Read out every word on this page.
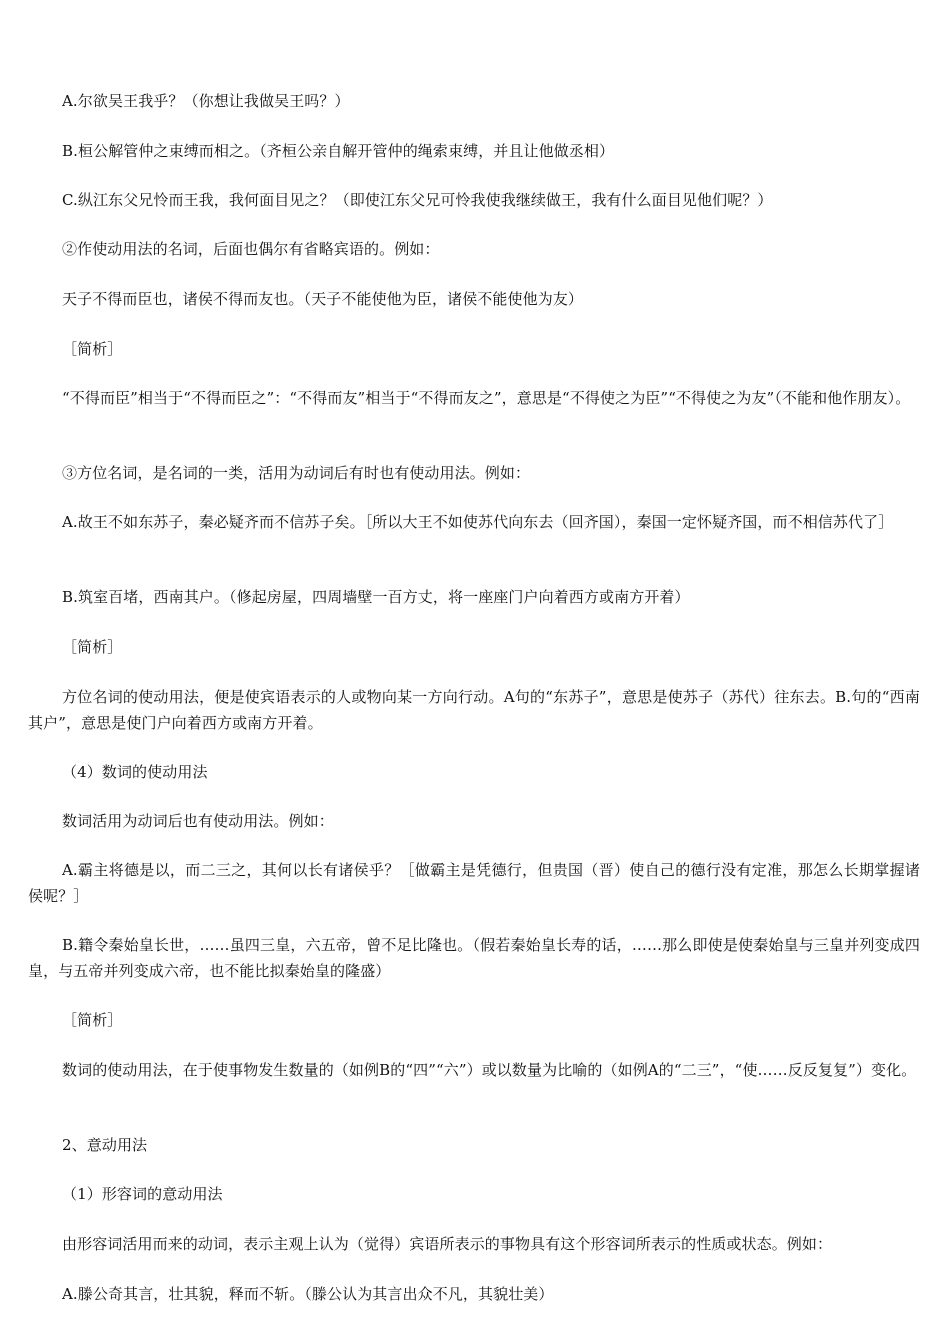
A.尔欲吴王我乎？（你想让我做吴王吗？）

B.桓公解管仲之束缚而相之。（齐桓公亲自解开管仲的绳索束缚，并且让他做丞相）

C.纵江东父兄怜而王我，我何面目见之？（即使江东父兄可怜我使我继续做王，我有什么面目见他们呢？）

②作使动用法的名词，后面也偶尔有省略宾语的。例如：

天子不得而臣也，诸侯不得而友也。（天子不能使他为臣，诸侯不能使他为友）

［简析］

“不得而臣”相当于“不得而臣之”：“不得而友”相当于“不得而友之”，意思是“不得使之为臣”“不得使之为友”（不能和他作朋友）。

③方位名词，是名词的一类，活用为动词后有时也有使动用法。例如：

A.故王不如东苏子，秦必疑齐而不信苏子矣。［所以大王不如使苏代向东去（回齐国），秦国一定怀疑齐国，而不相信苏代了］

B.筑室百堵，西南其户。（修起房屋，四周墙壁一百方丈，将一座座门户向着西方或南方开着）

［简析］

方位名词的使动用法，便是使宾语表示的人或物向某一方向行动。A句的“东苏子”，意思是使苏子（苏代）往东去。B.句的“西南其户”，意思是使门户向着西方或南方开着。

（4）数词的使动用法

数词活用为动词后也有使动用法。例如：

A.霸主将德是以，而二三之，其何以长有诸侯乎？［做霸主是凭德行，但贵国（晋）使自己的德行没有定准，那怎么长期掌握诸侯呢？］

B.籍令秦始皇长世，……虽四三皇，六五帝，曾不足比隆也。（假若秦始皇长寿的话，……那么即使是使秦始皇与三皇并列变成四皇，与五帝并列变成六帝，也不能比拟秦始皇的隆盛）

［简析］

数词的使动用法，在于使事物发生数量的（如例B的“四”“六”）或以数量为比喻的（如例A的“二三”，“使……反反复复”）变化。

2、意动用法

（1）形容词的意动用法

由形容词活用而来的动词，表示主观上认为（觉得）宾语所表示的事物具有这个形容词所表示的性质或状态。例如：

A.滕公奇其言，壮其貌，释而不斩。（滕公认为其言出众不凡，其貌壮美）
